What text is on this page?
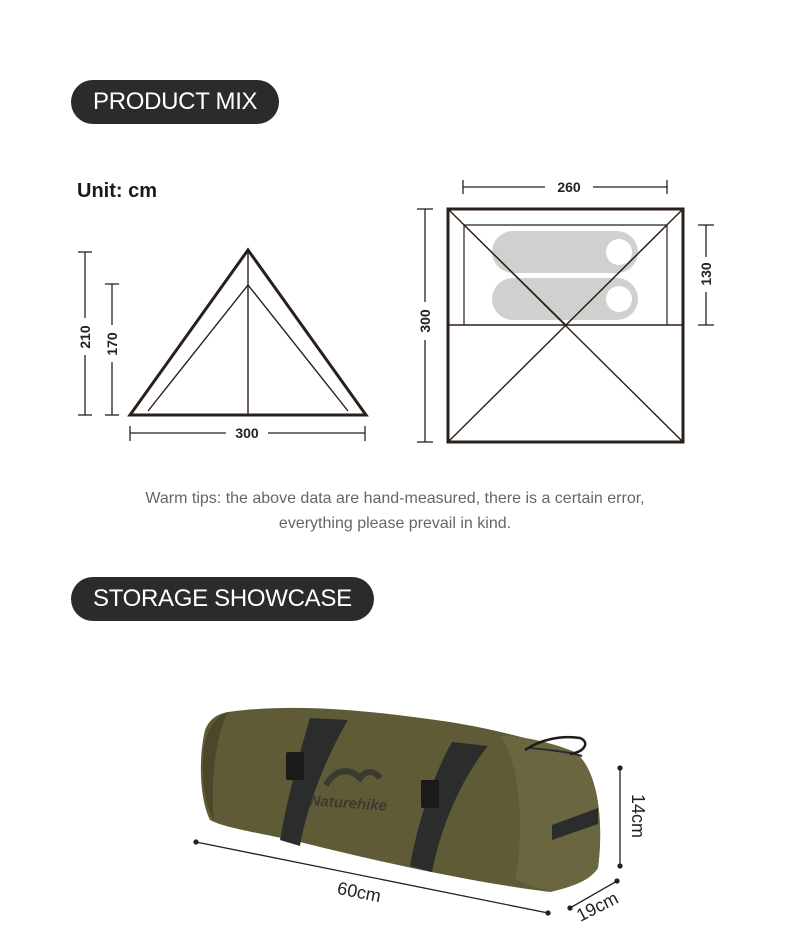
PRODUCT MIX
Unit: cm
210 170
300
260
300
130
Naturehike
60cm
14cm
19cm
Warm tips: the above data are hand-measured, there is a certain error,
everything please prevail in kind.
STORAGE SHOWCASE
